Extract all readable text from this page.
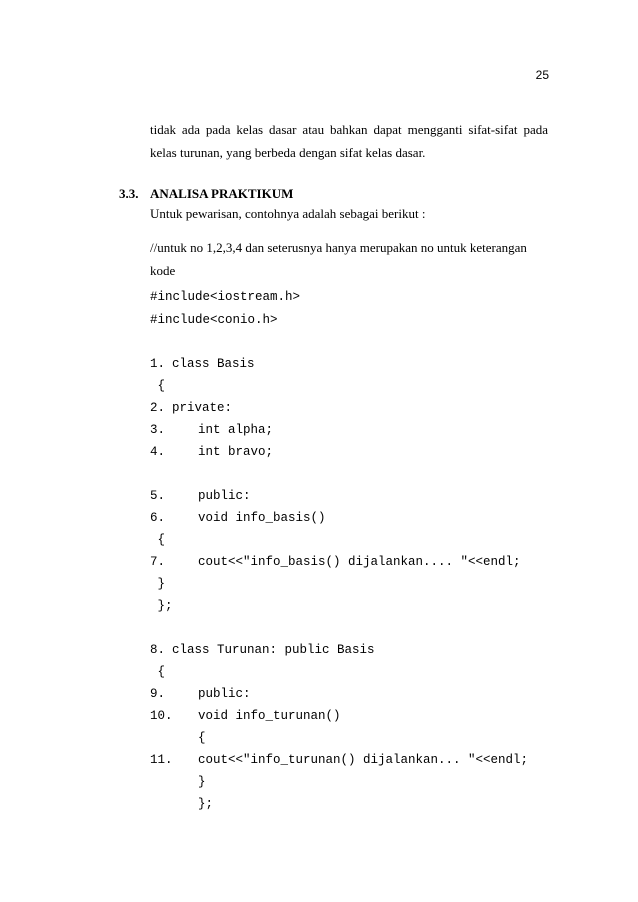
25
tidak ada pada kelas dasar atau bahkan dapat mengganti sifat-sifat pada
kelas turunan, yang berbeda dengan sifat kelas dasar.
3.3. ANALISA PRAKTIKUM
Untuk pewarisan, contohnya adalah sebagai berikut :
//untuk no 1,2,3,4 dan seterusnya hanya merupakan no untuk keterangan
kode
#include<iostream.h>
#include<conio.h>
1. class Basis
{
2. private:
3.	int alpha;
4.	int bravo;
5.	public:
6.	void info_basis()
{
7.	cout<<"info_basis() dijalankan.... "<<endl;
}
};
8. class Turunan: public Basis
{
9.	public:
10. void info_turunan()
{
11. cout<<"info_turunan() dijalankan... "<<endl;
}
};
